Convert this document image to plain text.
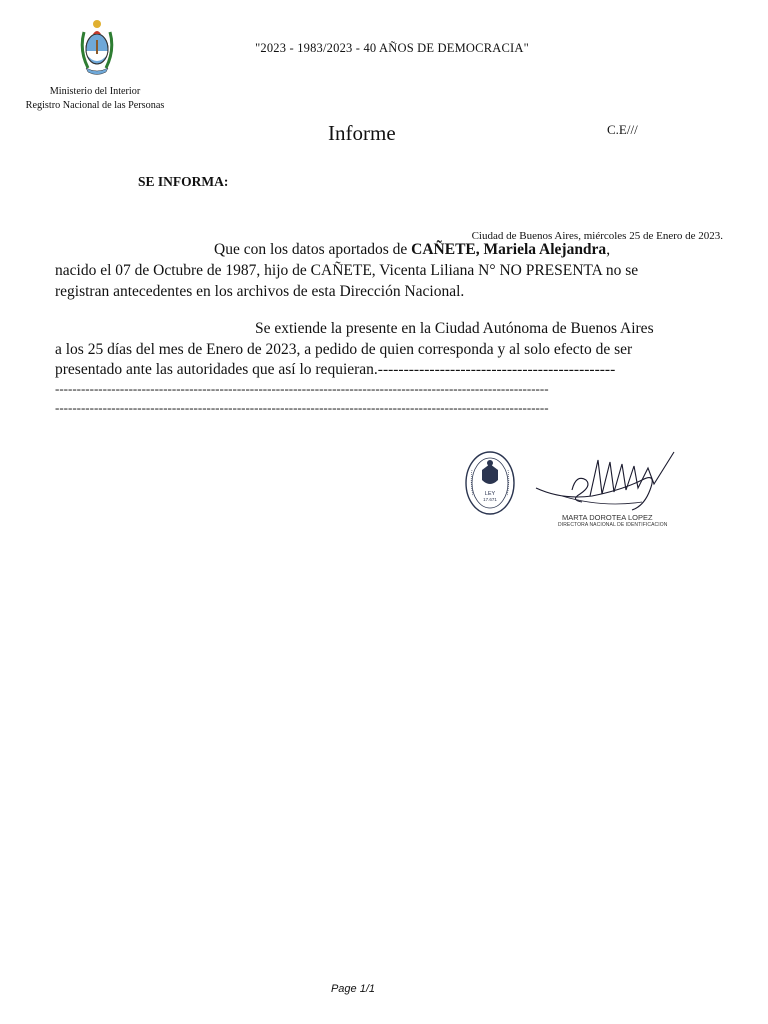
"2023 - 1983/2023 - 40 AÑOS DE DEMOCRACIA"
Ministerio del Interior
Registro Nacional de las Personas
Informe	C.E///
SE INFORMA:
Ciudad de Buenos Aires, miércoles 25 de Enero de 2023.
Que con los datos aportados de CAÑETE, Mariela Alejandra,
nacido el 07 de Octubre de 1987, hijo de CAÑETE, Vicenta Liliana N° NO PRESENTA no se
registran antecedentes en los archivos de esta Dirección Nacional.
Se extiende la presente en la Ciudad Autónoma de Buenos Aires
a los 25 días del mes de Enero de 2023, a pedido de quien corresponda y al solo efecto de ser
presentado ante las autoridades que así lo requieran.----------------------------------------------
------------------------------------------------------------------------------------------------------------------
------------------------------------------------------------------------------------------------------------------
LEY
17.671
MARTA DOROTEA LOPEZ
DIRECTORA NACIONAL DE IDENTIFICACION
Page 1/1
